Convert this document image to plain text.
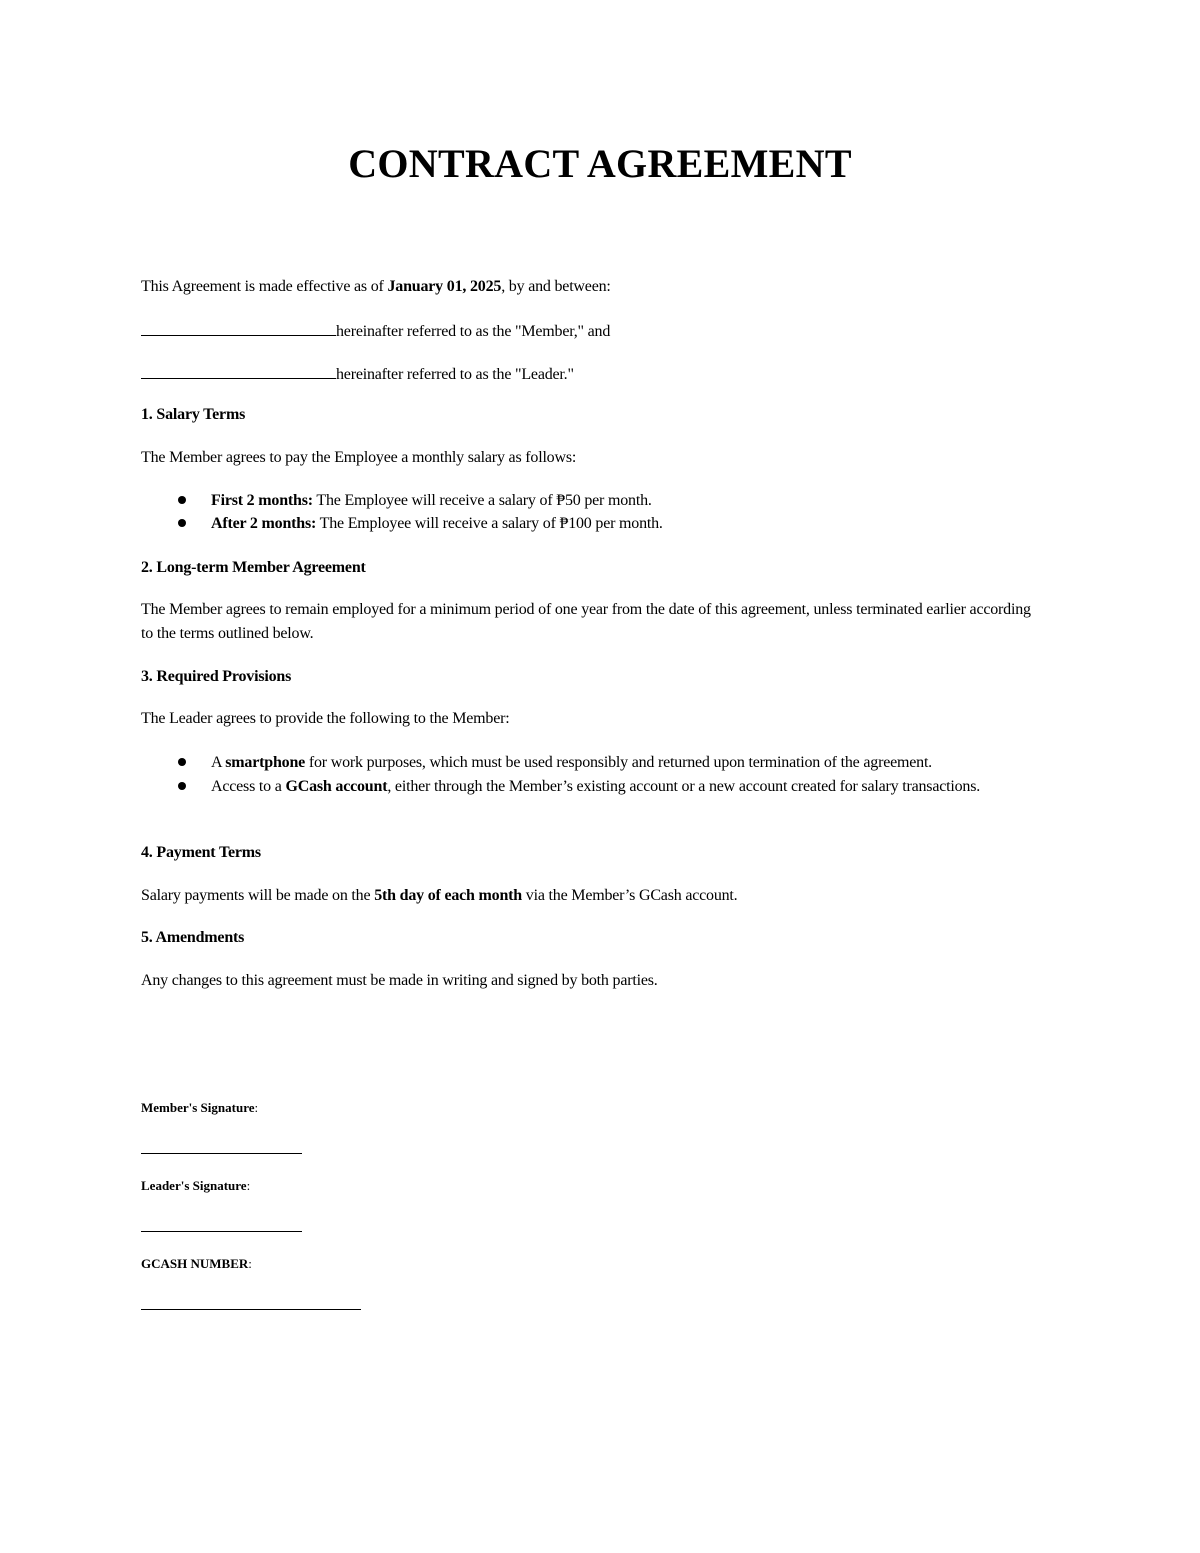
CONTRACT AGREEMENT
This Agreement is made effective as of January 01, 2025, by and between:
hereinafter referred to as the "Member," and
hereinafter referred to as the "Leader."
1. Salary Terms
The Member agrees to pay the Employee a monthly salary as follows:
First 2 months: The Employee will receive a salary of ₱50 per month.
After 2 months: The Employee will receive a salary of ₱100 per month.
2. Long-term Member Agreement
The Member agrees to remain employed for a minimum period of one year from the date of this agreement, unless terminated earlier according to the terms outlined below.
3. Required Provisions
The Leader agrees to provide the following to the Member:
A smartphone for work purposes, which must be used responsibly and returned upon termination of the agreement.
Access to a GCash account, either through the Member’s existing account or a new account created for salary transactions.
4. Payment Terms
Salary payments will be made on the 5th day of each month via the Member’s GCash account.
5. Amendments
Any changes to this agreement must be made in writing and signed by both parties.
Member's Signature:
Leader's Signature:
GCASH NUMBER:
